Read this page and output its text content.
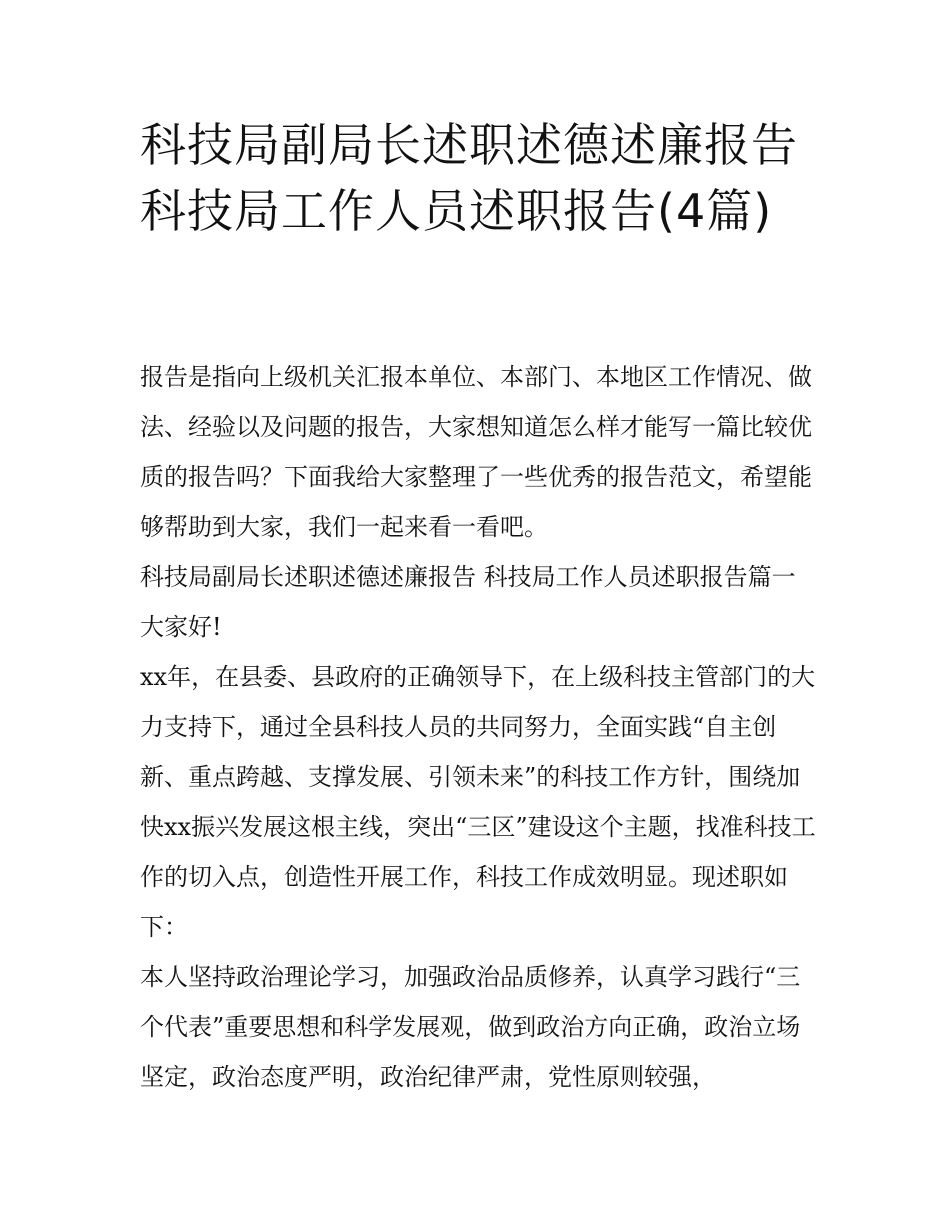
科技局副局长述职述德述廉报告 科技局工作人员述职报告(4篇)

报告是指向上级机关汇报本单位、本部门、本地区工作情况、做法、经验以及问题的报告，大家想知道怎么样才能写一篇比较优质的报告吗？下面我给大家整理了一些优秀的报告范文，希望能够帮助到大家，我们一起来看一看吧。

科技局副局长述职述德述廉报告 科技局工作人员述职报告篇一 大家好!

xx年，在县委、县政府的正确领导下，在上级科技主管部门的大力支持下，通过全县科技人员的共同努力，全面实践“自主创新、重点跨越、支撑发展、引领未来”的科技工作方针，围绕加快xx振兴发展这根主线，突出“三区”建设这个主题，找准科技工作的切入点，创造性开展工作，科技工作成效明显。现述职如下：

本人坚持政治理论学习，加强政治品质修养，认真学习践行“三个代表”重要思想和科学发展观，做到政治方向正确，政治立场坚定，政治态度严明，政治纪律严肃，党性原则较强，
